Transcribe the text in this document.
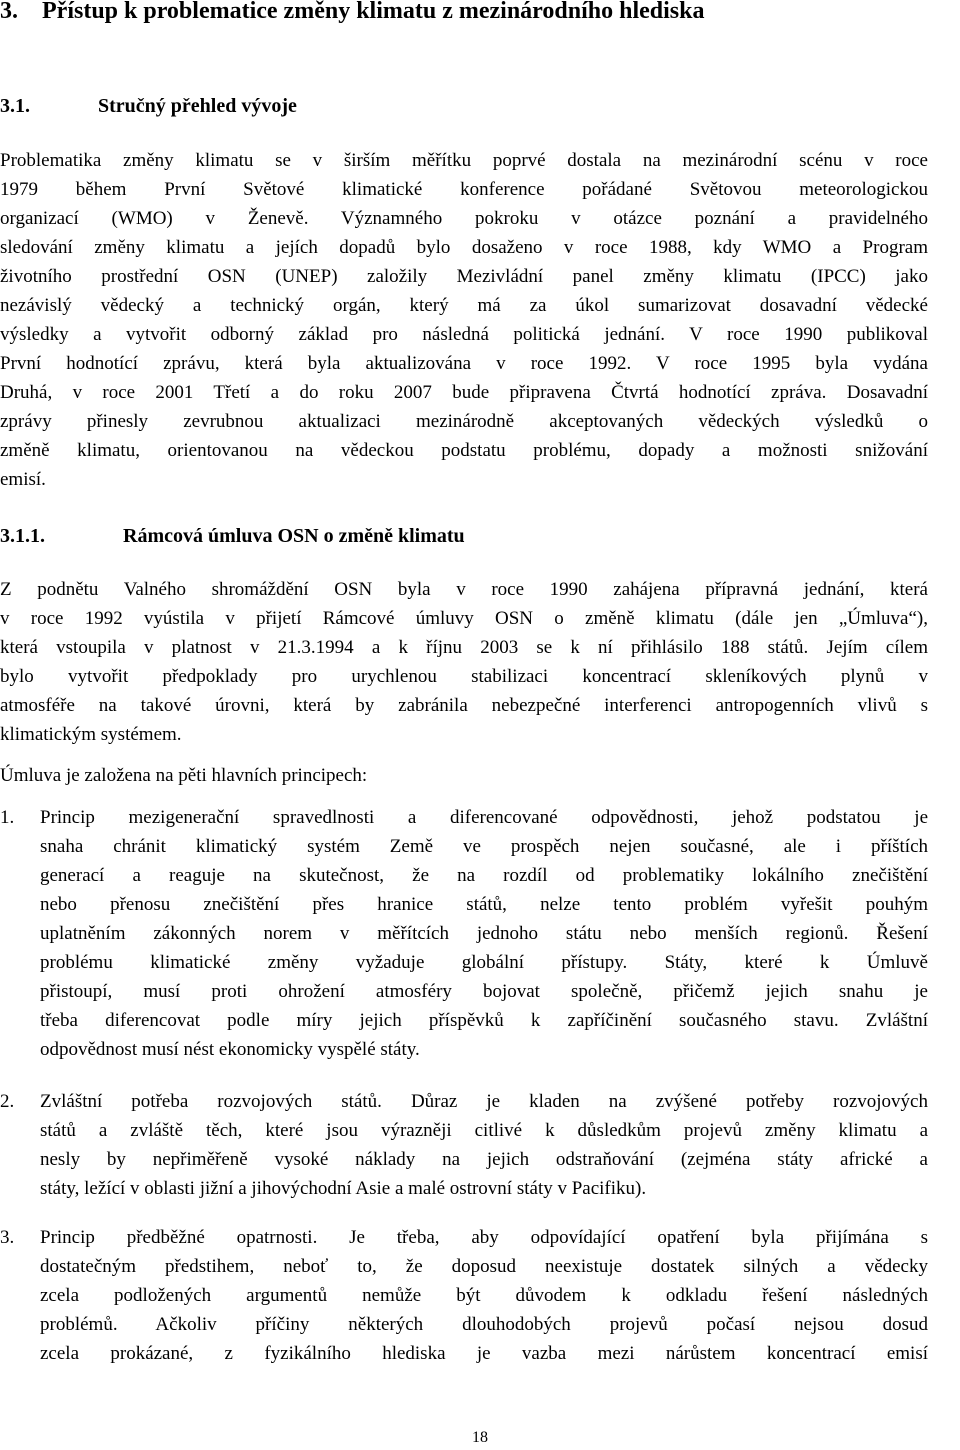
3. Přístup k problematice změny klimatu z mezinárodního hlediska
3.1.	Stručný přehled vývoje
Problematika změny klimatu se v širším měřítku poprvé dostala na mezinárodní scénu v roce
1979 během První Světové klimatické konference pořádané Světovou meteorologickou
organizací (WMO) v Ženevě. Významného pokroku v otázce poznání a pravidelného
sledování změny klimatu a jejích dopadů bylo dosaženo v roce 1988, kdy WMO a Program
životního prostřední OSN (UNEP) založily Mezivládní panel změny klimatu (IPCC) jako
nezávislý vědecký a technický orgán, který má za úkol sumarizovat dosavadní vědecké
výsledky a vytvořit odborný základ pro následná politická jednání. V roce 1990 publikoval
První hodnotící zprávu, která byla aktualizována v roce 1992. V roce 1995 byla vydána
Druhá, v roce 2001 Třetí a do roku 2007 bude připravena Čtvrtá hodnotící zpráva. Dosavadní
zprávy přinesly zevrubnou aktualizaci mezinárodně akceptovaných vědeckých výsledků o
změně klimatu, orientovanou na vědeckou podstatu problému, dopady a možnosti snižování
emisí.
3.1.1.	Rámcová úmluva OSN o změně klimatu
Z podnětu Valného shromáždění OSN byla v roce 1990 zahájena přípravná jednání, která
v roce 1992 vyústila v přijetí Rámcové úmluvy OSN o změně klimatu (dále jen „Úmluva“),
která vstoupila v platnost v 21.3.1994 a k říjnu 2003 se k ní přihlásilo 188 států. Jejím cílem
bylo vytvořit předpoklady pro urychlenou stabilizaci koncentrací skleníkových plynů v
atmosféře na takové úrovni, která by zabránila nebezpečné interferenci antropogenních vlivů s
klimatickým systémem.
Úmluva je založena na pěti hlavních principech:
1. Princip mezigenerační spravedlnosti a diferencované odpovědnosti, jehož podstatou je
snaha chránit klimatický systém Země ve prospěch nejen současné, ale i příštích
generací a reaguje na skutečnost, že na rozdíl od problematiky lokálního znečištění
nebo přenosu znečištění přes hranice států, nelze tento problém vyřešit pouhým
uplatněním zákonných norem v měřítcích jednoho státu nebo menších regionů. Řešení
problému klimatické změny vyžaduje globální přístupy. Státy, které k Úmluvě
přistoupí, musí proti ohrožení atmosféry bojovat společně, přičemž jejich snahu je
třeba diferencovat podle míry jejich příspěvků k zapříčinění současného stavu. Zvláštní
odpovědnost musí nést ekonomicky vyspělé státy.
2. Zvláštní potřeba rozvojových států. Důraz je kladen na zvýšené potřeby rozvojových
států a zvláště těch, které jsou výrazněji citlivé k důsledkům projevů změny klimatu a
nesly by nepřiměřeně vysoké náklady na jejich odstraňování (zejména státy africké a
státy, ležící v oblasti jižní a jihovýchodní Asie a malé ostrovní státy v Pacifiku).
3. Princip předběžné opatrnosti. Je třeba, aby odpovídající opatření byla přijímána s
dostatečným předstihem, neboť to, že doposud neexistuje dostatek silných a vědecky
zcela podložených argumentů nemůže být důvodem k odkladu řešení následných
problémů. Ačkoliv příčiny některých dlouhodobých projevů počasí nejsou dosud
zcela prokázané, z fyzikálního hlediska je vazba mezi nárůstem koncentrací emisí
18
